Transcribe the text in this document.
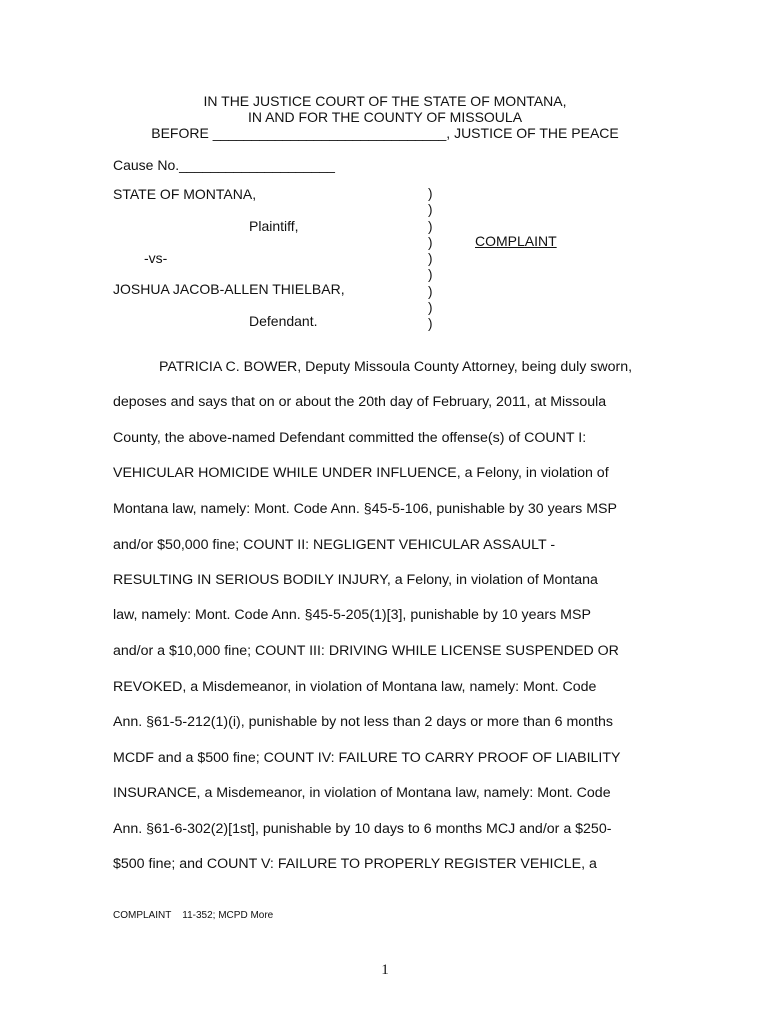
IN THE JUSTICE COURT OF THE STATE OF MONTANA,
IN AND FOR THE COUNTY OF MISSOULA
BEFORE ______________________________, JUSTICE OF THE PEACE
Cause No.____________________
STATE OF MONTANA,
Plaintiff,
-vs-
JOSHUA JACOB-ALLEN THIELBAR,
Defendant.
)
)
)
)
)
)
)
)
)
COMPLAINT
PATRICIA C. BOWER, Deputy Missoula County Attorney, being duly sworn,
deposes and says that on or about the 20th day of February, 2011, at Missoula
County, the above-named Defendant committed the offense(s) of COUNT I:
VEHICULAR HOMICIDE WHILE UNDER INFLUENCE, a Felony, in violation of
Montana law, namely: Mont. Code Ann. §45-5-106, punishable by 30 years MSP
and/or $50,000 fine; COUNT II: NEGLIGENT VEHICULAR ASSAULT -
RESULTING IN SERIOUS BODILY INJURY, a Felony, in violation of Montana
law, namely: Mont. Code Ann. §45-5-205(1)[3], punishable by 10 years MSP
and/or a $10,000 fine; COUNT III: DRIVING WHILE LICENSE SUSPENDED OR
REVOKED, a Misdemeanor, in violation of Montana law, namely: Mont. Code
Ann. §61-5-212(1)(i), punishable by not less than 2 days or more than 6 months
MCDF and a $500 fine; COUNT IV: FAILURE TO CARRY PROOF OF LIABILITY
INSURANCE, a Misdemeanor, in violation of Montana law, namely: Mont. Code
Ann. §61-6-302(2)[1st], punishable by 10 days to 6 months MCJ and/or a $250-
$500 fine; and COUNT V: FAILURE TO PROPERLY REGISTER VEHICLE, a
COMPLAINT    11-352; MCPD More
1
